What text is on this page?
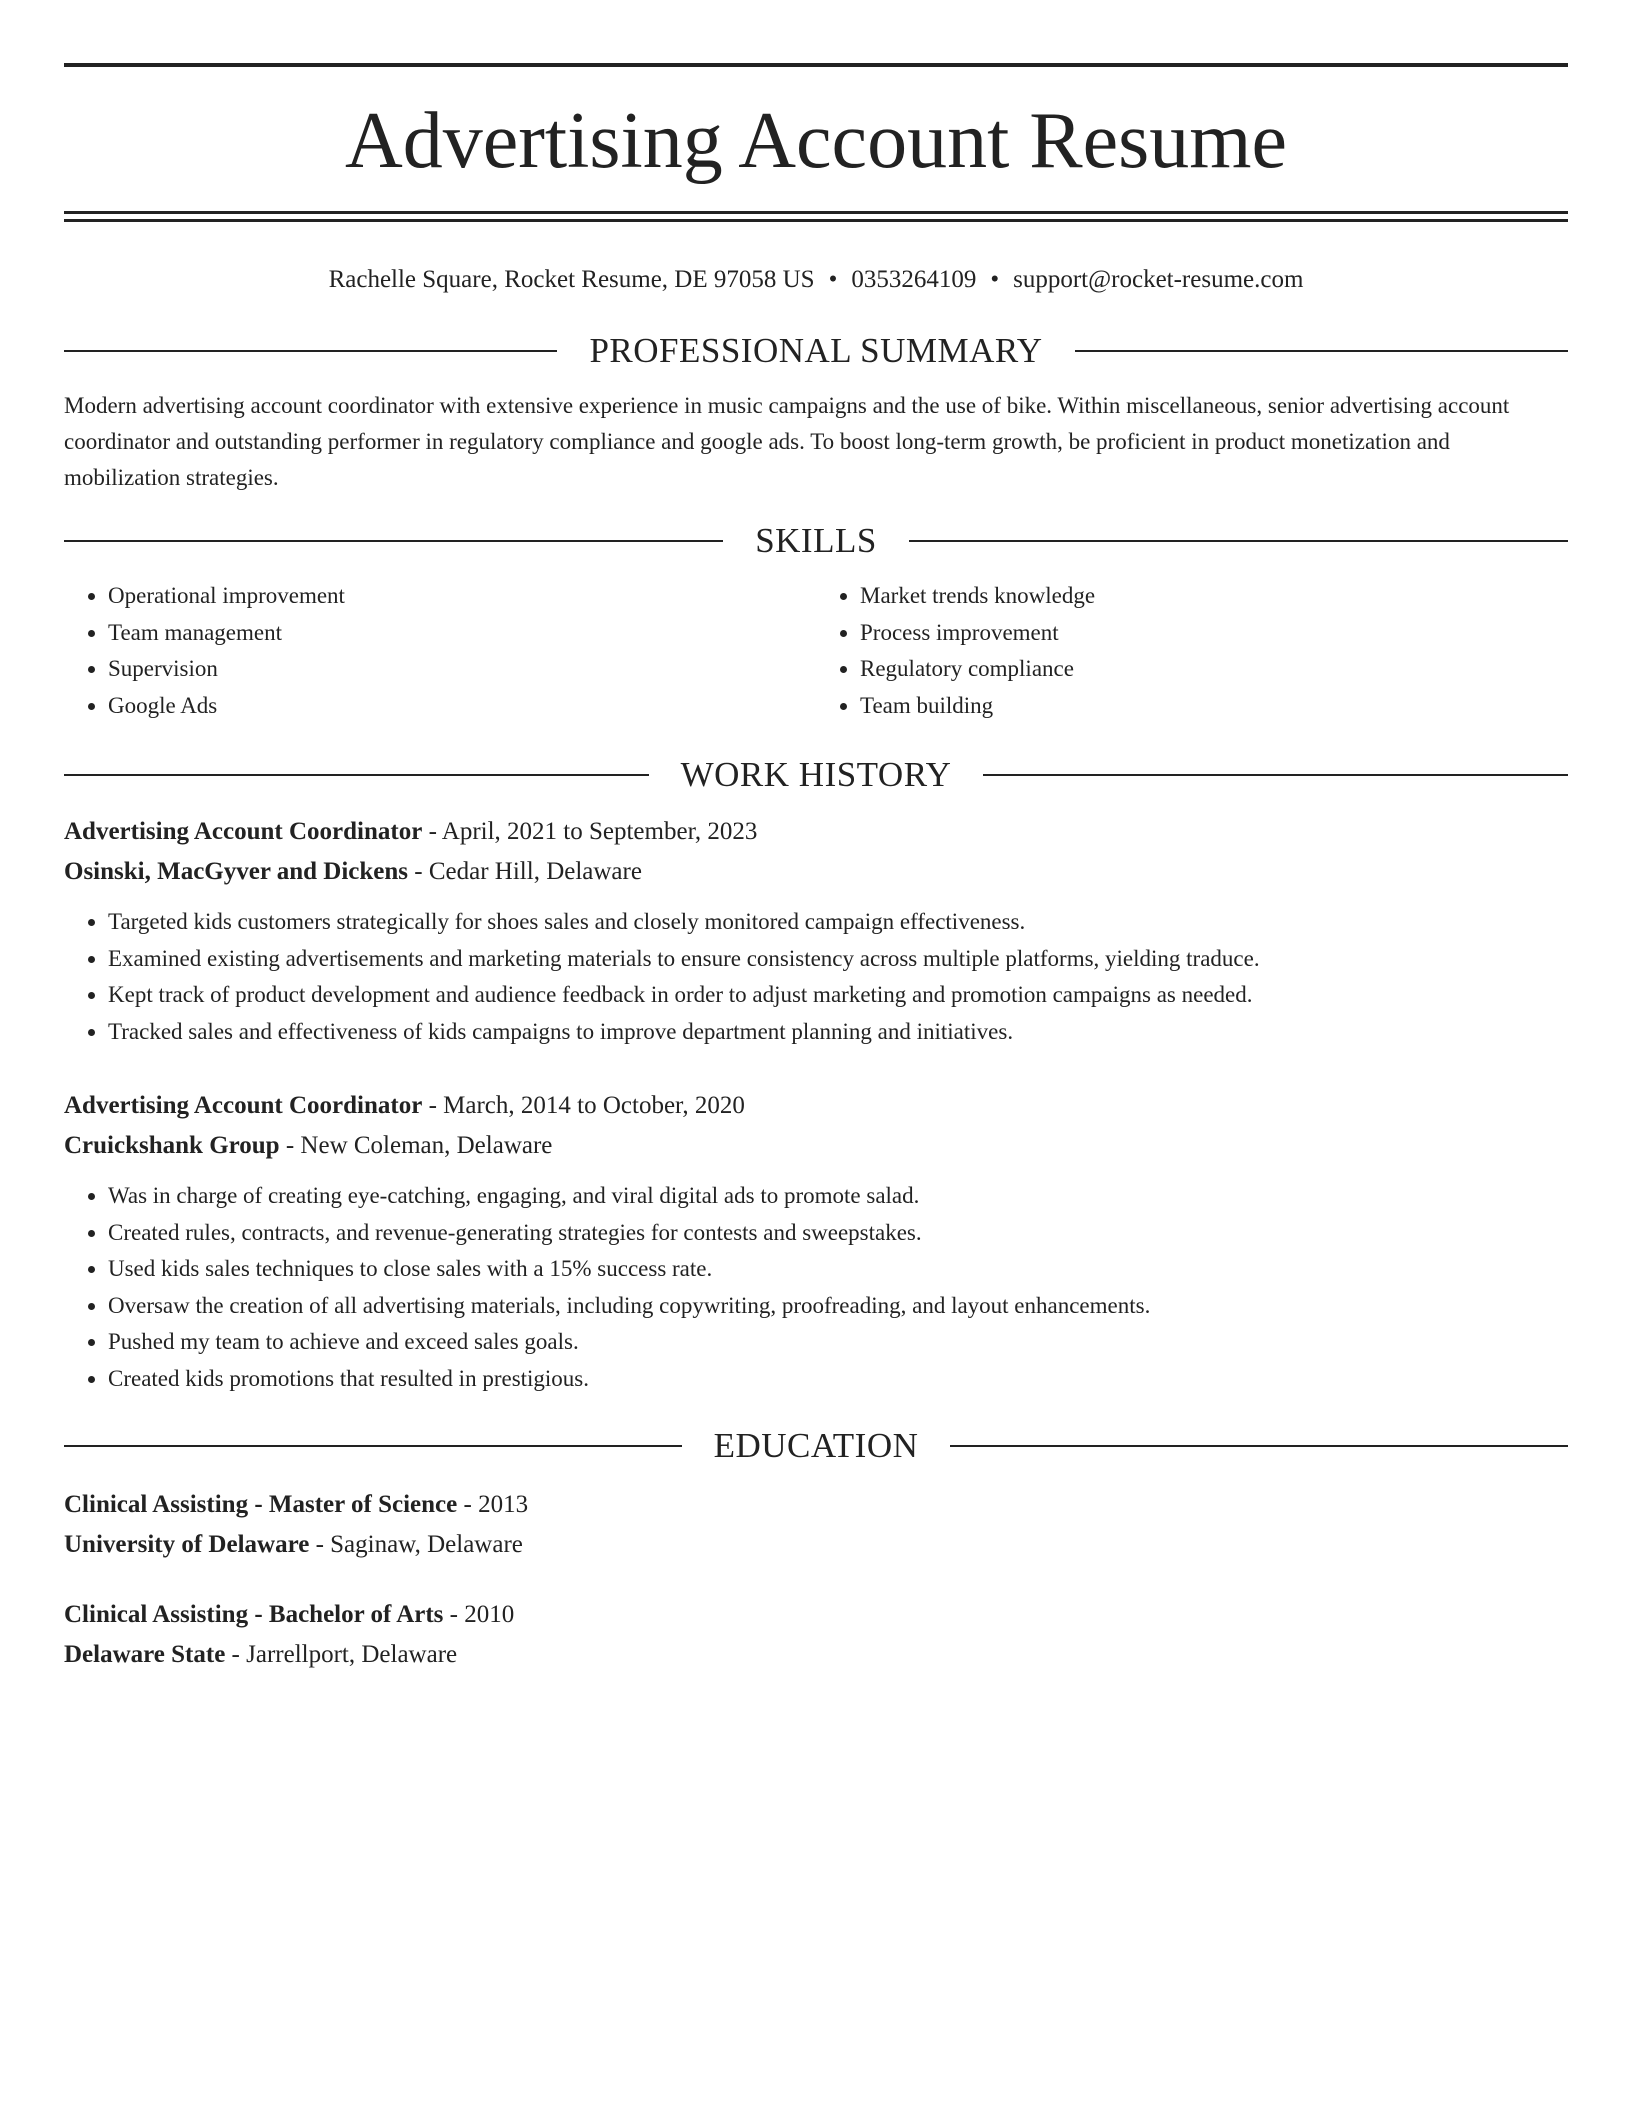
Advertising Account Resume
Rachelle Square, Rocket Resume, DE 97058 US • 0353264109 • support@rocket-resume.com
PROFESSIONAL SUMMARY
Modern advertising account coordinator with extensive experience in music campaigns and the use of bike. Within miscellaneous, senior advertising account coordinator and outstanding performer in regulatory compliance and google ads. To boost long-term growth, be proficient in product monetization and mobilization strategies.
SKILLS
• Operational improvement
• Team management
• Supervision
• Google Ads
• Market trends knowledge
• Process improvement
• Regulatory compliance
• Team building
WORK HISTORY
Advertising Account Coordinator - April, 2021 to September, 2023
Osinski, MacGyver and Dickens - Cedar Hill, Delaware
• Targeted kids customers strategically for shoes sales and closely monitored campaign effectiveness.
• Examined existing advertisements and marketing materials to ensure consistency across multiple platforms, yielding traduce.
• Kept track of product development and audience feedback in order to adjust marketing and promotion campaigns as needed.
• Tracked sales and effectiveness of kids campaigns to improve department planning and initiatives.
Advertising Account Coordinator - March, 2014 to October, 2020
Cruickshank Group - New Coleman, Delaware
• Was in charge of creating eye-catching, engaging, and viral digital ads to promote salad.
• Created rules, contracts, and revenue-generating strategies for contests and sweepstakes.
• Used kids sales techniques to close sales with a 15% success rate.
• Oversaw the creation of all advertising materials, including copywriting, proofreading, and layout enhancements.
• Pushed my team to achieve and exceed sales goals.
• Created kids promotions that resulted in prestigious.
EDUCATION
Clinical Assisting - Master of Science - 2013
University of Delaware - Saginaw, Delaware
Clinical Assisting - Bachelor of Arts - 2010
Delaware State - Jarrellport, Delaware
